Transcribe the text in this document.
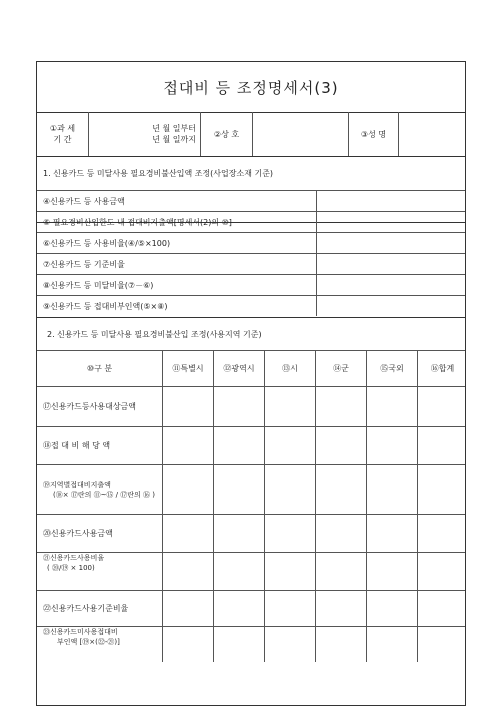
접대비 등 조정명세서(3)
①과 세
기 간
년 월 일부터
년 월 일까지
②상 호	③성 명
1. 신용카드 등 미달사용 필요경비불산입액 조정(사업장소재 기준)
④신용카드 등 사용금액
⑤ 필요경비산입한도 내 접대비지출액[명세서(2)의 ⑩]
⑥신용카드 등 사용비율(④/⑤×100)
⑦신용카드 등 기준비율
⑧신용카드 등 미달비율(⑦－⑥)
⑨신용카드 등 접대비부인액(⑤×⑧)
2. 신용카드 등 미달사용 필요경비불산입 조정(사용지역 기준)
⑩구 분	⑪특별시	⑫광역시	⑬시	⑭군	⑮국외	⑯합계
⑰신용카드등사용대상금액
⑱접 대 비 해 당 액
⑲지역별접대비지출액
(⑱× ⑰란의 ⑪~⑮ / ⑰란의 ⑯ )
⑳신용카드사용금액
㉑신용카드사용비율
( ⑳/⑲ × 100)
㉒신용카드사용기준비율
㉓신용카드미사용접대비
부인액 [⑲×(㉒-㉑)]
